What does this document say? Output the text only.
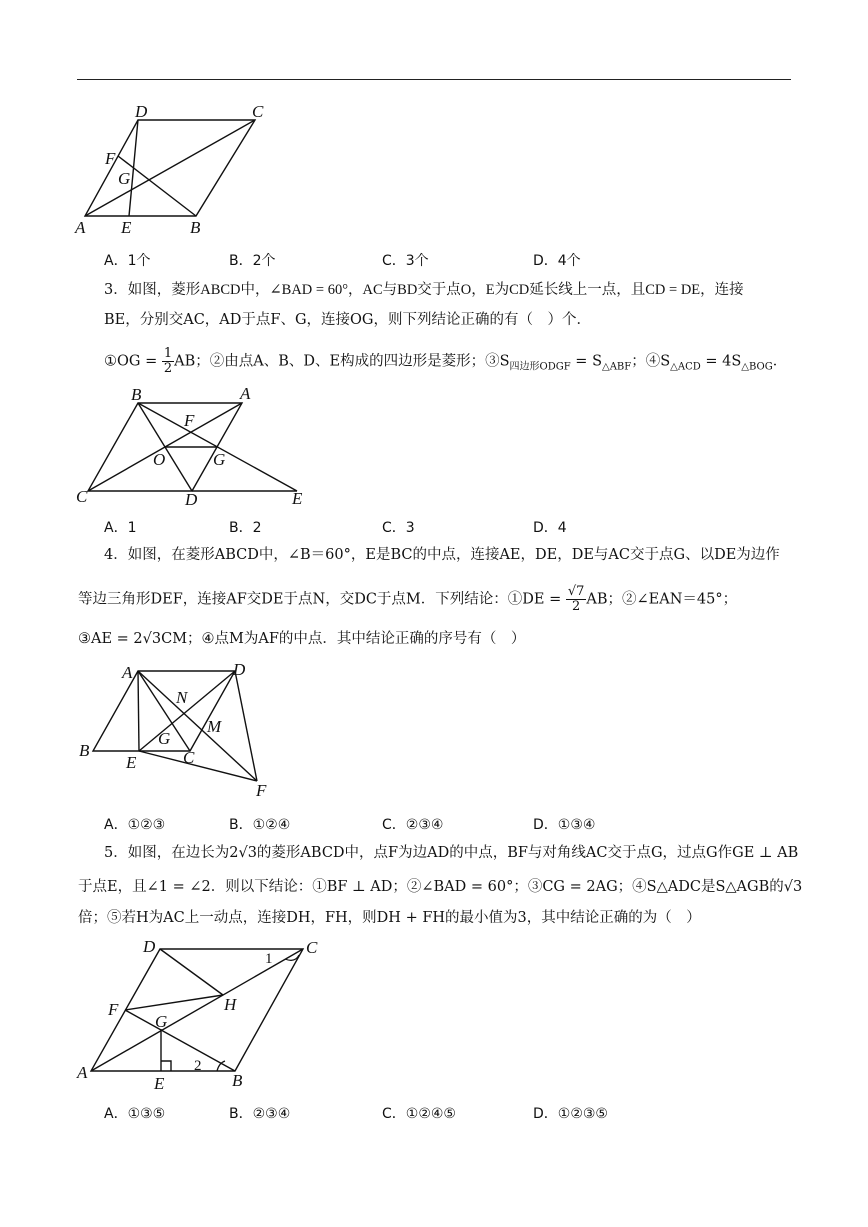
A E	B
C
D
F
G
A．1个	B．2个	C．3个	D．4个
3．如图，菱形ABCD中，∠BAD = 60°，AC与BD交于点O，E为CD延长线上一点，且CD = DE，连接
BE，分别交AC，AD于点F、G，连接OG，则下列结论正确的有（　）个．
①OG = $\frac{1}{2}$ AB；②由点A、B、D、E构成的四边形是菱形；$③S_{四边形ODGF} = S_{\triangle ABF}$；$④S_{\triangle ACD} = 4S_{\triangle BOG}$．
B	A
F
O	G
C	D	E
A．1	B．2	C．3	D．4
4．如图，在菱形ABCD中，∠B＝60°，E是BC的中点，连接AE，DE，DE与AC交于点G、以DE为边作
等边三角形DEF，连接AF交DE于点N，交DC于点M．下列结论：①DE = $\frac{√7}{2}$ AB；②∠EAN＝45°；
③AE = 2√3CM；④点M为AF的中点．其中结论正确的序号有（　）
A	D
N
M
G
B
E	C
F
A．①②③	B．①②④	C．②③④	D．①③④
5．如图，在边长为2√3的菱形ABCD中，点F为边AD的中点，BF与对角线AC交于点G，过点G作GE ⊥ AB
于点E，且∠1 = ∠2．则以下结论：①BF ⊥ AD；②∠BAD = 60°；③CG = 2AG；④S△ADC是S△AGB的√3
倍；⑤若H为AC上一动点，连接DH，FH，则DH + FH的最小值为3，其中结论正确的为（　）
D	C
1
F
G
H
A
E
2
B
A．①③⑤	B．②③④	C．①②④⑤	D．①②③⑤
